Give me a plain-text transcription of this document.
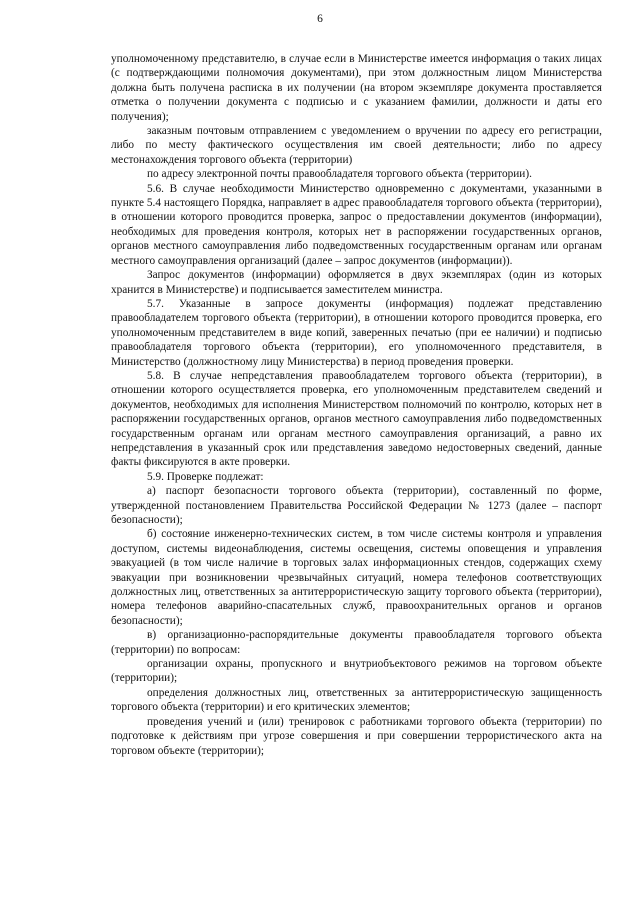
6

уполномоченному представителю, в случае если в Министерстве имеется информация о таких лицах (с подтверждающими полномочия документами), при этом должностным лицом Министерства должна быть получена расписка в их получении (на втором экземпляре документа проставляется отметка о получении документа с подписью и с указанием фамилии, должности и даты его получения);

заказным почтовым отправлением с уведомлением о вручении по адресу его регистрации, либо по месту фактического осуществления им своей деятельности; либо по адресу местонахождения торгового объекта (территории)

по адресу электронной почты правообладателя торгового объекта (территории).

5.6. В случае необходимости Министерство одновременно с документами, указанными в пункте 5.4 настоящего Порядка, направляет в адрес правообладателя торгового объекта (территории), в отношении которого проводится проверка, запрос о предоставлении документов (информации), необходимых для проведения контроля, которых нет в распоряжении государственных органов, органов местного самоуправления либо подведомственных государственным органам или органам местного самоуправления организаций (далее – запрос документов (информации)).

Запрос документов (информации) оформляется в двух экземплярах (один из которых хранится в Министерстве) и подписывается заместителем министра.

5.7. Указанные в запросе документы (информация) подлежат представлению правообладателем торгового объекта (территории), в отношении которого проводится проверка, его уполномоченным представителем в виде копий, заверенных печатью (при ее наличии) и подписью правообладателя торгового объекта (территории), его уполномоченного представителя, в Министерство (должностному лицу Министерства) в период проведения проверки.

5.8. В случае непредставления правообладателем торгового объекта (территории), в отношении которого осуществляется проверка, его уполномоченным представителем сведений и документов, необходимых для исполнения Министерством полномочий по контролю, которых нет в распоряжении государственных органов, органов местного самоуправления либо подведомственных государственным органам или органам местного самоуправления организаций, а равно их непредставления в указанный срок или представления заведомо недостоверных сведений, данные факты фиксируются в акте проверки.

5.9. Проверке подлежат:

а) паспорт безопасности торгового объекта (территории), составленный по форме, утвержденной постановлением Правительства Российской Федерации № 1273 (далее – паспорт безопасности);

б) состояние инженерно-технических систем, в том числе системы контроля и управления доступом, системы видеонаблюдения, системы освещения, системы оповещения и управления эвакуацией (в том числе наличие в торговых залах информационных стендов, содержащих схему эвакуации при возникновении чрезвычайных ситуаций, номера телефонов соответствующих должностных лиц, ответственных за антитеррористическую защиту торгового объекта (территории), номера телефонов аварийно-спасательных служб, правоохранительных органов и органов безопасности);

в) организационно-распорядительные документы правообладателя торгового объекта (территории) по вопросам:

организации охраны, пропускного и внутриобъектового режимов на торговом объекте (территории);

определения должностных лиц, ответственных за антитеррористическую защищенность торгового объекта (территории) и его критических элементов;

проведения учений и (или) тренировок с работниками торгового объекта (территории) по подготовке к действиям при угрозе совершения и при совершении террористического акта на торговом объекте (территории);
